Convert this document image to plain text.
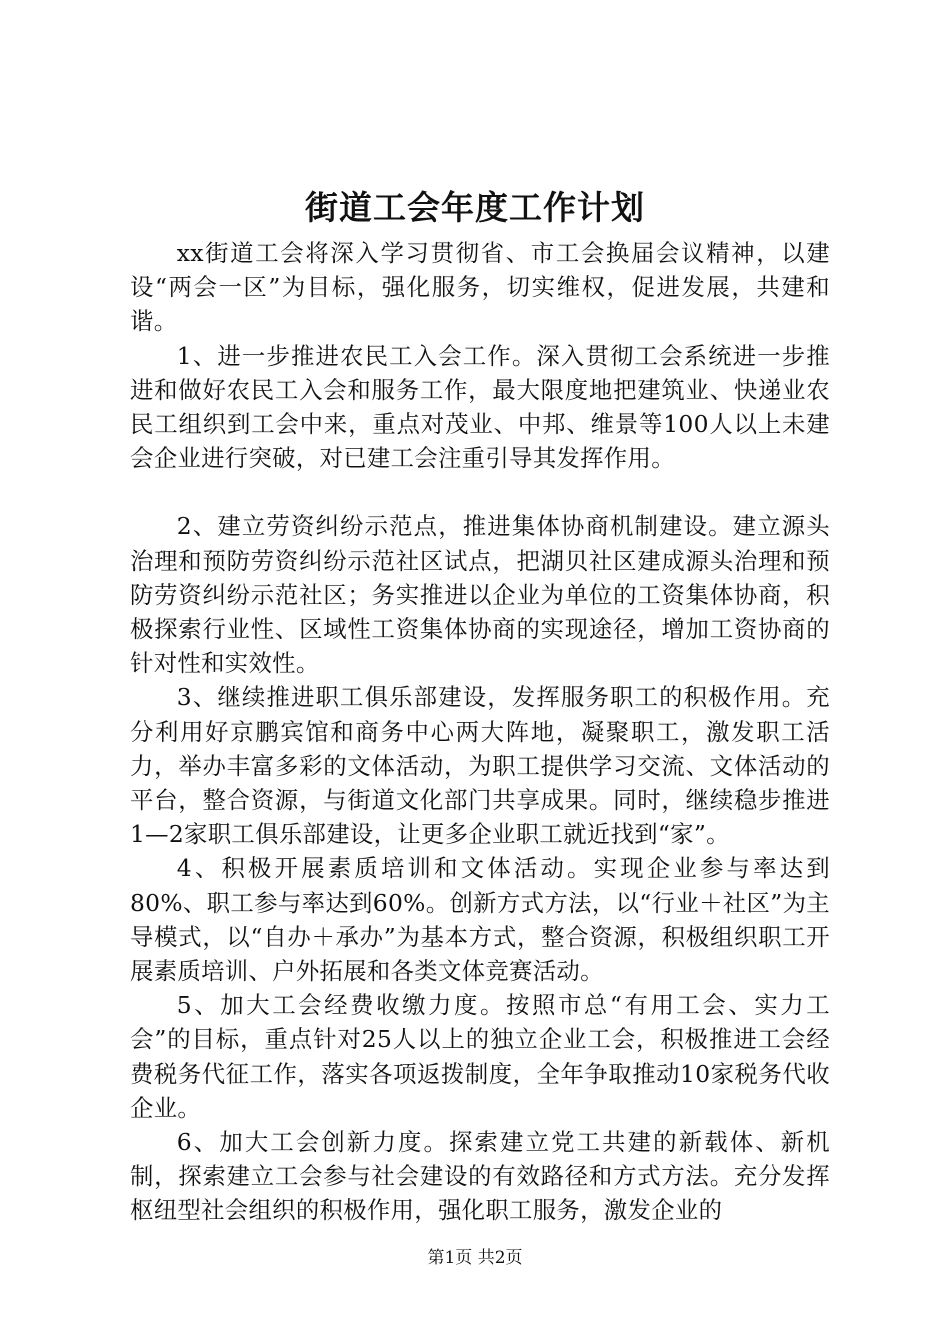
街道工会年度工作计划

xx街道工会将深入学习贯彻省、市工会换届会议精神，以建设“两会一区”为目标，强化服务，切实维权，促进发展，共建和谐。

1、进一步推进农民工入会工作。深入贯彻工会系统进一步推进和做好农民工入会和服务工作，最大限度地把建筑业、快递业农民工组织到工会中来，重点对茂业、中邦、维景等100人以上未建会企业进行突破，对已建工会注重引导其发挥作用。

2、建立劳资纠纷示范点，推进集体协商机制建设。建立源头治理和预防劳资纠纷示范社区试点，把湖贝社区建成源头治理和预防劳资纠纷示范社区；务实推进以企业为单位的工资集体协商，积极探索行业性、区域性工资集体协商的实现途径，增加工资协商的针对性和实效性。

3、继续推进职工俱乐部建设，发挥服务职工的积极作用。充分利用好京鹏宾馆和商务中心两大阵地，凝聚职工，激发职工活力，举办丰富多彩的文体活动，为职工提供学习交流、文体活动的平台，整合资源，与街道文化部门共享成果。同时，继续稳步推进1—2家职工俱乐部建设，让更多企业职工就近找到“家”。

4、积极开展素质培训和文体活动。实现企业参与率达到80%、职工参与率达到60%。创新方式方法，以“行业＋社区”为主导模式，以“自办＋承办”为基本方式，整合资源，积极组织职工开展素质培训、户外拓展和各类文体竞赛活动。

5、加大工会经费收缴力度。按照市总“有用工会、实力工会”的目标，重点针对25人以上的独立企业工会，积极推进工会经费税务代征工作，落实各项返拨制度，全年争取推动10家税务代收企业。

6、加大工会创新力度。探索建立党工共建的新载体、新机制，探索建立工会参与社会建设的有效路径和方式方法。充分发挥枢纽型社会组织的积极作用，强化职工服务，激发企业的

第1页 共2页
